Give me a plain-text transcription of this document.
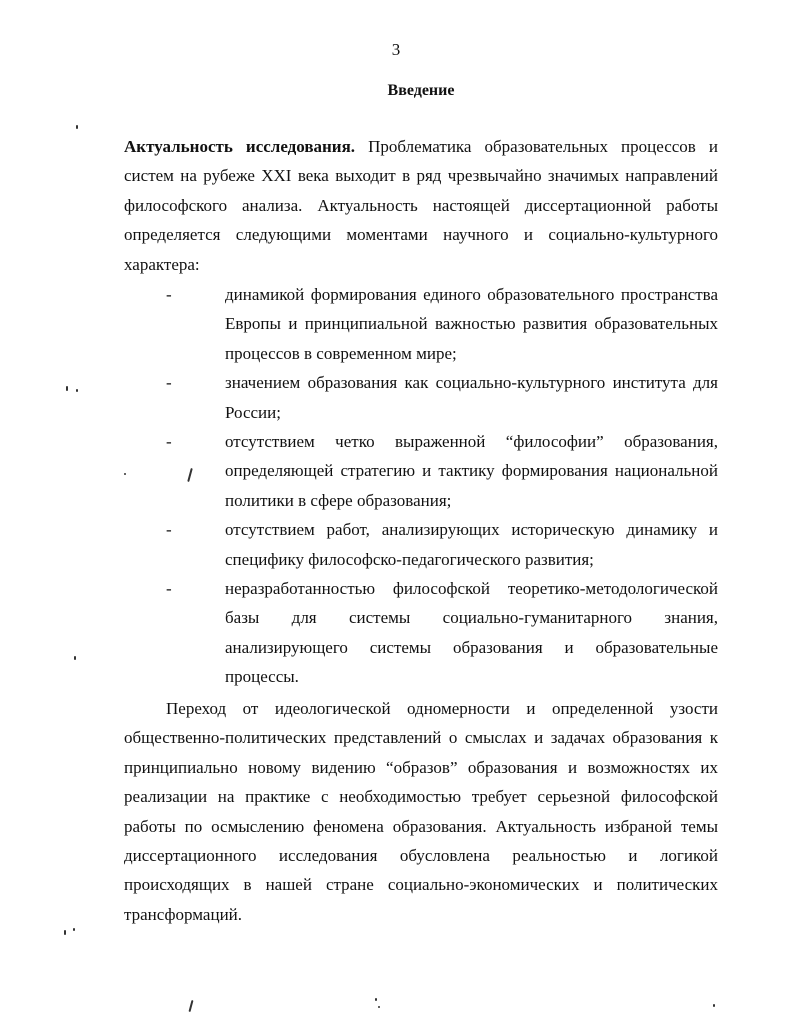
3
Введение
Актуальность исследования. Проблематика образовательных процессов и систем на рубеже XXI века выходит в ряд чрезвычайно значимых направлений философского анализа. Актуальность настоящей диссертационной работы определяется следующими моментами научного и социально-культурного характера:
-	динамикой формирования единого образовательного пространства Европы и принципиальной важностью развития образовательных процессов в современном мире;
-	значением образования как социально-культурного института для России;
-	отсутствием четко выраженной “философии” образования, определяющей стратегию и тактику формирования национальной политики в сфере образования;
-	отсутствием работ, анализирующих историческую динамику и специфику философско-педагогического развития;
-	неразработанностью философской теоретико-методологической базы для системы социально-гуманитарного знания, анализирующего системы образования и образовательные процессы.
Переход от идеологической одномерности и определенной узости общественно-политических представлений о смыслах и задачах образования к принципиально новому видению “образов” образования и возможностях их реализации на практике с необходимостью требует серьезной философской работы по осмыслению феномена образования. Актуальность избраной темы диссертационного исследования обусловлена реальностью и логикой происходящих в нашей стране социально-экономических и политических трансформаций.
